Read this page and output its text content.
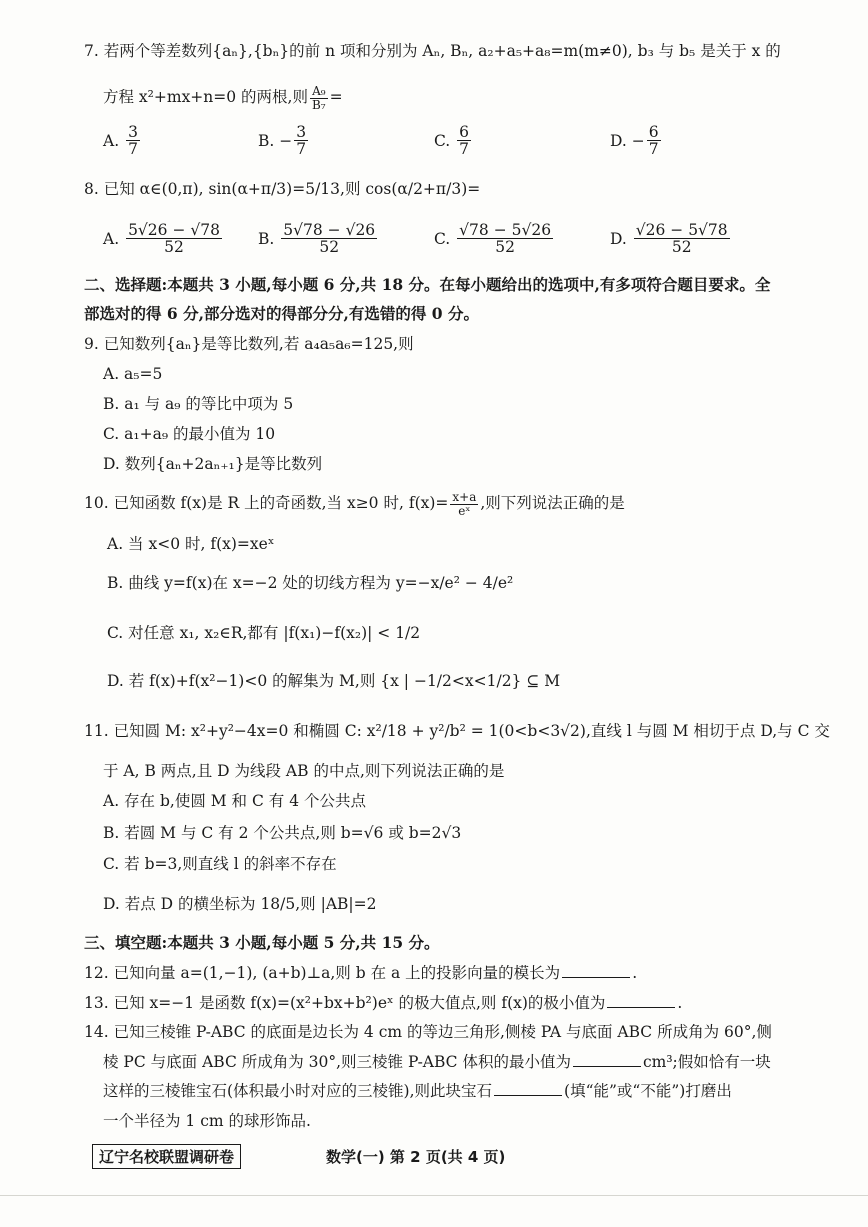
7. 若两个等差数列{aₙ},{bₙ}的前 n 项和分别为 Aₙ, Bₙ, a₂+a₅+a₈=m(m≠0), b₃ 与 b₅ 是关于 x 的
方程 x²+mx+n=0 的两根,则 $\frac{\text{A₉}}{\text{B₇}}$ =
A.
$\frac{3}{7}$	B.
− $\frac{3}{7}$	C.
$\frac{6}{7}$	D.
− $\frac{6}{7}$
8. 已知 α∈(0,π), sin(α+π/3)=5/13,则 cos(α/2+π/3)=
A.
$\frac{5√26 - √78}{52} B$.
$\frac{5√78 - √26}{52}$	C.
$\frac{√78 - 5√26}{52}$	D.
$\frac{√26 - 5√78}{52}$
二、选择题:本题共 3 小题,每小题 6 分,共 18 分。在每小题给出的选项中,有多项符合题目要求。全
部选对的得 6 分,部分选对的得部分分,有选错的得 0 分。
9. 已知数列{aₙ}是等比数列,若 a₄a₅a₆=125,则
A. a₅=5
B. a₁ 与 a₉ 的等比中项为 5
C. a₁+a₉ 的最小值为 10
D. 数列{aₙ+2aₙ₊₁}是等比数列
10. 已知函数 f(x)是 R 上的奇函数,当 x≥0 时, $f(x)= \frac{x+a}{\text{eˣ}}$ ,则下列说法正确的是
A. 当 x<0 时, f(x)=xeˣ
B. 曲线 y=f(x)在 x=−2 处的切线方程为 y=−x/e² − 4/e²
C. 对任意 x₁, x₂∈R,都有 |f(x₁)−f(x₂)| < 1/2
D. 若 f(x)+f(x²−1)<0 的解集为 M,则 {x | −1/2<x<1/2} ⊆ M
11. 已知圆 M: x²+y²−4x=0 和椭圆 C: x²/18 + y²/b² = 1(0<b<3√2),直线 l 与圆 M 相切于点 D,与 C 交
于 A, B 两点,且 D 为线段 AB 的中点,则下列说法正确的是
A. 存在 b,使圆 M 和 C 有 4 个公共点
B. 若圆 M 与 C 有 2 个公共点,则 b=√6 或 b=2√3
C. 若 b=3,则直线 l 的斜率不存在
D. 若点 D 的横坐标为 18/5,则 |AB|=2
三、填空题:本题共 3 小题,每小题 5 分,共 15 分。
12. 已知向量 a=(1,−1), (a+b)⊥a,则 b 在 a 上的投影向量的模长为	.
13. 已知 x=−1 是函数 f(x)=(x²+bx+b²)eˣ 的极大值点,则 f(x)的极小值为	.
14. 已知三棱锥 P-ABC 的底面是边长为 4 cm 的等边三角形,侧棱 PA 与底面 ABC 所成角为 60°,侧
棱 PC 与底面 ABC 所成角为 30°,则三棱锥 P-ABC 体积的最小值为	cm³;假如恰有一块
这样的三棱锥宝石(体积最小时对应的三棱锥),则此块宝石	(填“能”或“不能”)打磨出
一个半径为 1 cm 的球形饰品.
辽宁名校联盟调研卷	数学(一) 第 2 页(共 4 页)
